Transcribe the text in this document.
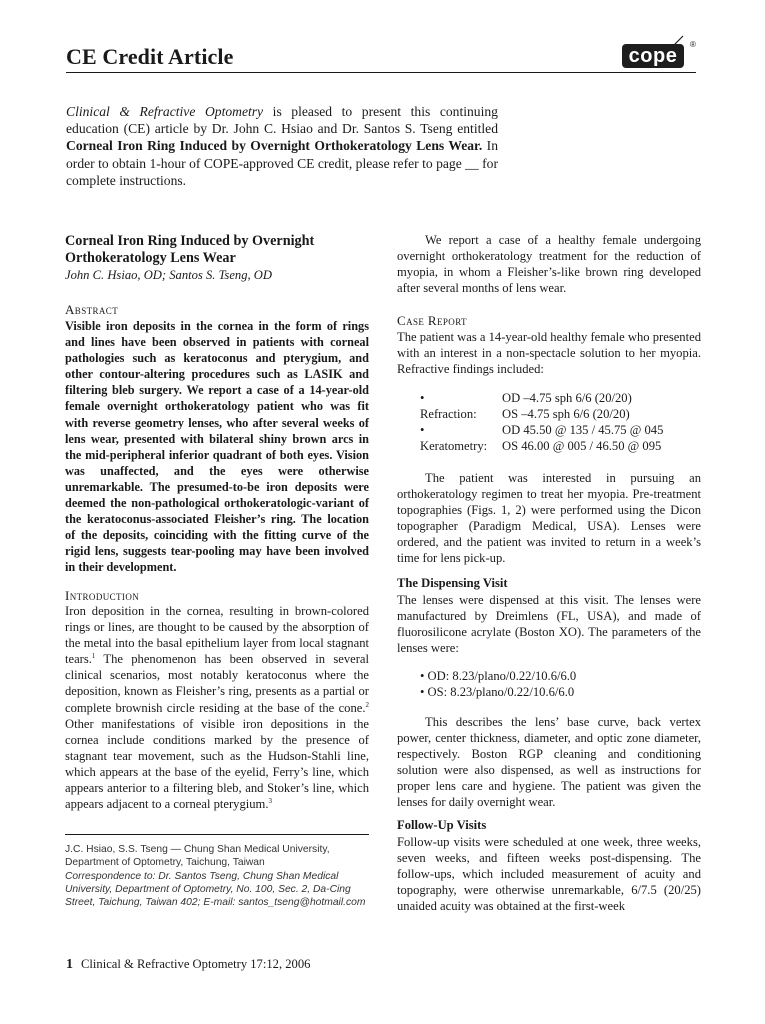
CE Credit Article	cope
®
Clinical & Refractive Optometry is pleased to present this continuing education (CE) article by Dr. John C. Hsiao and Dr. Santos S. Tseng entitled Corneal Iron Ring Induced by Overnight Orthokeratology Lens Wear. In order to obtain 1-hour of COPE-approved CE credit, please refer to page __ for complete instructions.
Corneal Iron Ring Induced by Overnight Orthokeratology Lens Wear
John C. Hsiao, OD; Santos S. Tseng, OD
Abstract
Visible iron deposits in the cornea in the form of rings and lines have been observed in patients with corneal pathologies such as keratoconus and pterygium, and other contour-altering procedures such as LASIK and filtering bleb surgery. We report a case of a 14-year-old female overnight orthokeratology patient who was fit with reverse geometry lenses, who after several weeks of lens wear, presented with bilateral shiny brown arcs in the mid-peripheral inferior quadrant of both eyes. Vision was unaffected, and the eyes were otherwise unremarkable. The presumed-to-be iron deposits were deemed the non-pathological orthokeratologic-variant of the keratoconus-associated Fleisher’s ring. The location of the deposits, coinciding with the fitting curve of the rigid lens, suggests tear-pooling may have been involved in their development.
Introduction
Iron deposition in the cornea, resulting in brown-colored rings or lines, are thought to be caused by the absorption of the metal into the basal epithelium layer from local stagnant tears.$^1$ The phenomenon has been observed in several clinical scenarios, most notably keratoconus where the deposition, known as Fleisher’s ring, presents as a partial or complete brownish circle residing at the base of the cone.$^2$ Other manifestations of visible iron depositions in the cornea include conditions marked by the presence of stagnant tear movement, such as the Hudson-Stahli line, which appears at the base of the eyelid, Ferry’s line, which appears anterior to a filtering bleb, and Stoker’s line, which appears adjacent to a corneal pterygium.$^3$
J.C. Hsiao, S.S. Tseng — Chung Shan Medical University, Department of Optometry, Taichung, Taiwan
Correspondence to: Dr. Santos Tseng, Chung Shan Medical University, Department of Optometry, No. 100, Sec. 2, Da-Cing Street, Taichung, Taiwan 402; E-mail: santos_tseng@hotmail.com
1 Clinical & Refractive Optometry 17:12, 2006
We report a case of a healthy female undergoing overnight orthokeratology treatment for the reduction of myopia, in whom a Fleisher’s-like brown ring developed after several months of lens wear.
Case Report
The patient was a 14-year-old healthy female who presented with an interest in a non-spectacle solution to her myopia. Refractive findings included:
• Refraction:
OD –4.75 sph 6/6 (20/20)
OS –4.75 sph 6/6 (20/20)
• Keratometry:
OD 45.50 @ 135 / 45.75 @ 045
OS 46.00 @ 005 / 46.50 @ 095
The patient was interested in pursuing an orthokeratology regimen to treat her myopia. Pre-treatment topographies (Figs. 1, 2) were performed using the Dicon topographer (Paradigm Medical, USA). Lenses were ordered, and the patient was invited to return in a week’s time for lens pick-up.
The Dispensing Visit
The lenses were dispensed at this visit. The lenses were manufactured by Dreimlens (FL, USA), and made of fluorosilicone acrylate (Boston XO). The parameters of the lenses were:
• OD: 8.23/plano/0.22/10.6/6.0
• OS: 8.23/plano/0.22/10.6/6.0
This describes the lens’ base curve, back vertex power, center thickness, diameter, and optic zone diameter, respectively. Boston RGP cleaning and conditioning solution were also dispensed, as well as instructions for proper lens care and hygiene. The patient was given the lenses for daily overnight wear.
Follow-Up Visits
Follow-up visits were scheduled at one week, three weeks, seven weeks, and fifteen weeks post-dispensing. The follow-ups, which included measurement of acuity and topography, were otherwise unremarkable, 6/7.5 (20/25) unaided acuity was obtained at the first-week
